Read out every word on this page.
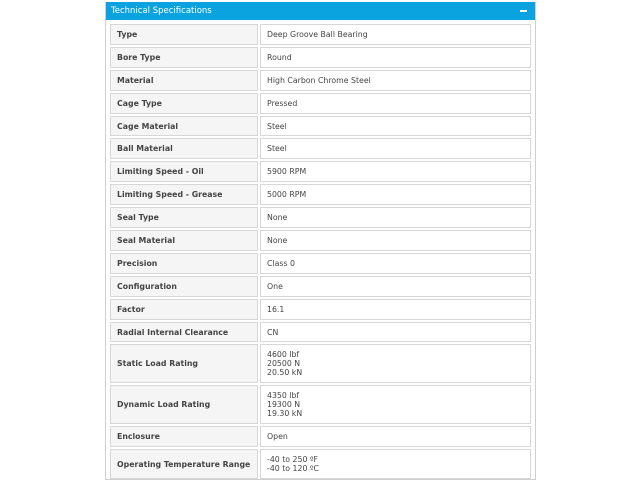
Technical Specifications
Type	Deep Groove Ball Bearing

Bore Type	Round

Material	High Carbon Chrome Steel

Cage Type	Pressed

Cage Material	Steel

Ball Material	Steel

Limiting Speed - Oil	5900 RPM

Limiting Speed - Grease	5000 RPM

Seal Type	None

Seal Material	None

Precision	Class 0

Configuration	One

Factor	16.1

Radial Internal Clearance	CN

Static Load Rating	4600 lbf
20500 N
20.50 kN

Dynamic Load Rating	4350 lbf
19300 N
19.30 kN

Enclosure	Open

Operating Temperature Range	-40 to 250 ºF
-40 to 120 ºC
